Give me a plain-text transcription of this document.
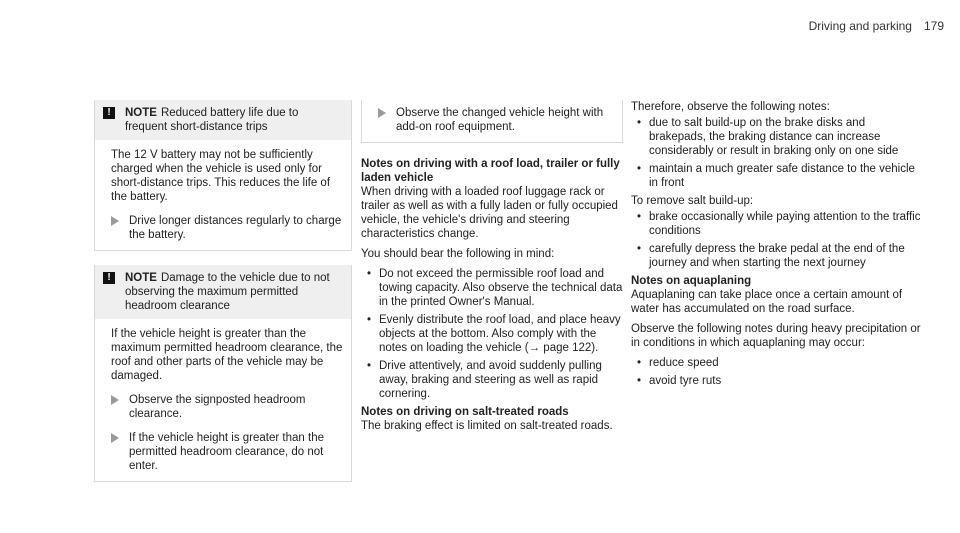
Driving and parking 179
!	NOTE Reduced battery life due to frequent short-distance trips
The 12 V battery may not be sufficiently charged when the vehicle is used only for short-distance trips. This reduces the life of the battery.
Drive longer distances regularly to charge the battery.
!	NOTE Damage to the vehicle due to not observing the maximum permitted headroom clearance
If the vehicle height is greater than the maximum permitted headroom clearance, the roof and other parts of the vehicle may be damaged.
Observe the signposted headroom clearance.
If the vehicle height is greater than the permitted headroom clearance, do not enter.
Observe the changed vehicle height with add-on roof equipment.
Notes on driving with a roof load, trailer or fully laden vehicle
When driving with a loaded roof luggage rack or trailer as well as with a fully laden or fully occupied vehicle, the vehicle's driving and steering characteristics change.
You should bear the following in mind:
• Do not exceed the permissible roof load and towing capacity. Also observe the technical data in the printed Owner's Manual.
• Evenly distribute the roof load, and place heavy objects at the bottom. Also comply with the notes on loading the vehicle (→ page 122).
• Drive attentively, and avoid suddenly pulling away, braking and steering as well as rapid cornering.
Notes on driving on salt-treated roads
The braking effect is limited on salt-treated roads.
Therefore, observe the following notes:
• due to salt build-up on the brake disks and brakepads, the braking distance can increase considerably or result in braking only on one side
• maintain a much greater safe distance to the vehicle in front
To remove salt build-up:
• brake occasionally while paying attention to the traffic conditions
• carefully depress the brake pedal at the end of the journey and when starting the next journey
Notes on aquaplaning
Aquaplaning can take place once a certain amount of water has accumulated on the road surface.
Observe the following notes during heavy precipitation or in conditions in which aquaplaning may occur:
• reduce speed
• avoid tyre ruts
